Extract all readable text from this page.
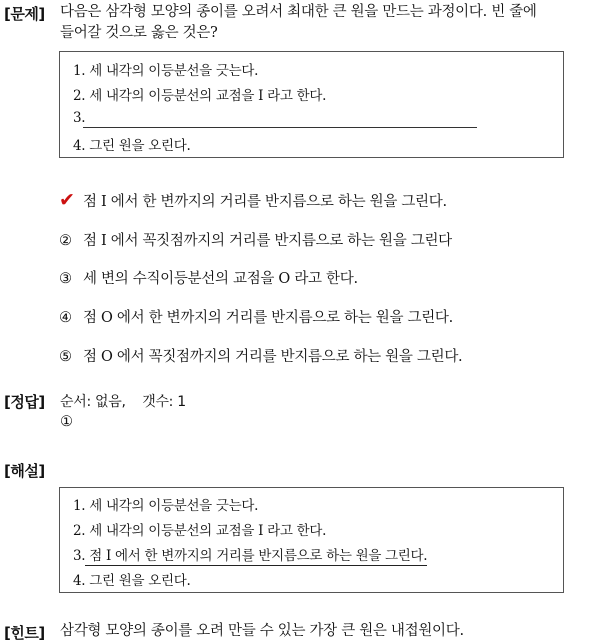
[문제] 다음은 삼각형 모양의 종이를 오려서 최대한 큰 원을 만드는 과정이다. 빈 줄에
들어갈 것으로 옳은 것은?
1. 세 내각의 이등분선을 긋는다.
2. 세 내각의 이등분선의 교점을 I 라고 한다.
3.
4. 그린 원을 오린다.
✔ 점 I 에서 한 변까지의 거리를 반지름으로 하는 원을 그린다.
② 점 I 에서 꼭짓점까지의 거리를 반지름으로 하는 원을 그린다
③ 세 변의 수직이등분선의 교점을 O 라고 한다.
④ 점 O 에서 한 변까지의 거리를 반지름으로 하는 원을 그린다.
⑤ 점 O 에서 꼭짓점까지의 거리를 반지름으로 하는 원을 그린다.
[정답] 순서: 없음, 갯수: 1
①
[해설]
1. 세 내각의 이등분선을 긋는다.
2. 세 내각의 이등분선의 교점을 I 라고 한다.
3. 점 I 에서 한 변까지의 거리를 반지름으로 하는 원을 그린다.
4. 그린 원을 오린다.
[힌트] 삼각형 모양의 종이를 오려 만들 수 있는 가장 큰 원은 내접원이다.
